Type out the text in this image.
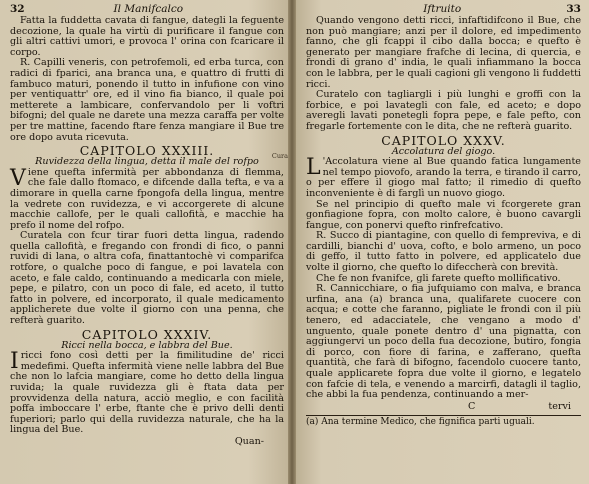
32	Il Manifcalco

Fatta la fuddetta cavata di fangue, dategli la feguente decozione, la quale ha virtù di purificare il fangue con gli altri cattivi umori, e provoca l' orina con fcaricare il corpo.

R. Capilli veneris, con petrofemoli, ed erba turca, con radici di fparici, ana branca una, e quattro di frutti di fambuco maturi, ponendo il tutto in infufione con vino per ventiquattr' ore, ed il vino fia bianco, il quale poi metterete a lambicare, confervandolo per li voftri bifogni; del quale ne darete una mezza caraffa per volte per tre mattine, facendo ftare fenza mangiare il Bue tre ore dopo avuta ricevuta.

CAPITOLO XXXIII.
Ruvidezza della lingua, detta il male del rofpo

V iene quefta infermità per abbondanza di flemma, che fale dallo ftomaco, e difcende dalla tefta, e va a dimorare in quella carne fpongofa della lingua, mentre la vedrete con ruvidezza, e vi accorgerete di alcune macchie callofe, per le quali callofità, e macchie ha prefo il nome del rofpo.

Curatela con fcur tirar fuori detta lingua, radendo quella callofità, e fregando con frondi di fico, o panni ruvidi di lana, o altra cofa, finattantochè vi comparifca rotfore, o qualche poco di fangue, e poi lavatela con aceto, e fale caldo, continuando a medicarla con miele, pepe, e pilatro, con un poco di fale, ed aceto, il tutto fatto in polvere, ed incorporato, il quale medicamento applicherete due volte il giorno con una penna, che refterà guarito.

CAPITOLO XXXIV.
Ricci nella bocca, e labbra del Bue.

I ricci fono così detti per la fimilitudine de' ricci medefimi. Quefta infermità viene nelle labbra del Bue che non lo lafcia mangiare, come ho detto della lingua ruvida; la quale ruvidezza gli è ftata data per provvidenza della natura, acciò meglio, e con facilità poffa imboccare l' erbe, ftante che è privo delli denti fuperiori; parlo qui della ruvidezza naturale, che ha la lingua del Bue.

Quan-
Cura
Iftruito	33

Quando vengono detti ricci, infaftidifcono il Bue, che non può mangiare; anzi per il dolore, ed impedimento fanno, che gli fcappi il cibo dalla bocca; e quefto è generato per mangiare frafche di lecina, di quercia, e frondi di grano d' india, le quali infiammano la bocca con le labbra, per le quali cagioni gli vengono li fuddetti ricci.

Curatelo con tagliargli i più lunghi e groffi con la forbice, e poi lavategli con fale, ed aceto; e dopo averegli lavati ponetegli fopra pepe, e fale pefto, con fregarle fortemente con le dita, che ne refterà guarito.

CAPITOLO XXXV.
Accolatura del giogo.

L 'Accolatura viene al Bue quando fatica lungamente nel tempo piovofo, arando la terra, e tirando il carro, o per effere il giogo mal fatto; il rimedio di quefto inconveniente è di farglì un nuovo giogo.

Se nel principio di quefto male vi fcorgerete gran gonfiagione fopra, con molto calore, è buono cavargli fangue, con ponervi quefto rinfrefcativo.

R. Succo di piantagine, con quello di fempreviva, e di cardilli, bianchi d' uova, cofto, e bolo armeno, un poco di geffo, il tutto fatto in polvere, ed applicatelo due volte il giorno, che quefto lo difeccherà con brevità.

Che fe non fvanifce, gli farete quefto mollificativo.

R. Cannicchiare, o fia jufquiamo con malva, e branca urfina, ana (a) branca una, qualifarete cuocere con acqua; e cotte che faranno, pigliate le frondi con il più tenero, ed adacciatele, che vengano a modo d' unguento, quale ponete dentro d' una pignatta, con aggiungervi un poco della fua decozione, butiro, fongia di porco, con fiore di farina, e zafferano, quefta quantità, che farà di bifogno, facendolo cuocere tanto, quale applicarete fopra due volte il giorno, e legatelo con fafcie di tela, e venendo a marcirfi, datagli il taglio, che abbi la fua pendenza, continuando a mer-

C	tervi
(a) Ana termine Medico, che fignifica parti uguali.
